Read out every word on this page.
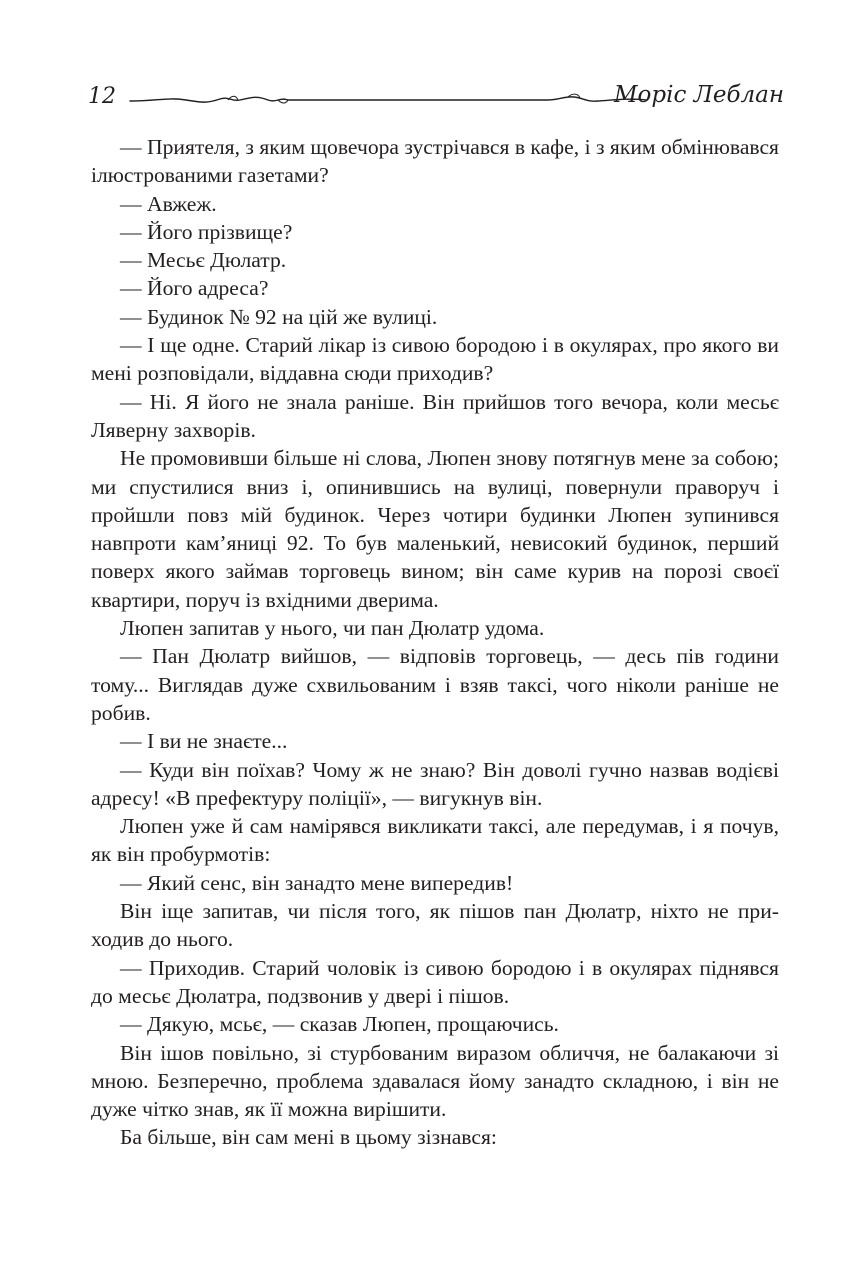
12	Моріс Леблан

— Приятеля, з яким щовечора зустрічався в кафе, і з яким обмінювався ілюстрованими газетами?

— Авжеж.

— Його прізвище?

— Месьє Дюлатр.

— Його адреса?

— Будинок № 92 на цій же вулиці.

— І ще одне. Старий лікар із сивою бородою і в окулярах, про якого ви мені розповідали, віддавна сюди приходив?

— Ні. Я його не знала раніше. Він прийшов того вечора, коли месьє Ляверну захворів.

Не промовивши більше ні слова, Люпен знову потягнув мене за собою; ми спустилися вниз і, опинившись на вулиці, повернули праворуч і пройшли повз мій будинок. Через чотири будинки Люпен зупинився навпроти кам’яниці 92. То був маленький, невисокий будинок, перший поверх якого займав торговець вином; він саме курив на порозі своєї квартири, поруч із вхідними дверима.

Люпен запитав у нього, чи пан Дюлатр удома.

— Пан Дюлатр вийшов, — відповів торговець, — десь пів години тому... Виглядав дуже схвильованим і взяв таксі, чого ніколи раніше не робив.

— І ви не знаєте...

— Куди він поїхав? Чому ж не знаю? Він доволі гучно назвав водієві адресу! «В префектуру поліції», — вигукнув він.

Люпен уже й сам намірявся викликати таксі, але передумав, і я почув, як він пробурмотів:

— Який сенс, він занадто мене випередив!

Він іще запитав, чи після того, як пішов пан Дюлатр, ніхто не приходив до нього.

— Приходив. Старий чоловік із сивою бородою і в окулярах піднявся до месьє Дюлатра, подзвонив у двері і пішов.

— Дякую, мсьє, — сказав Люпен, прощаючись.

Він ішов повільно, зі стурбованим виразом обличчя, не балакаючи зі мною. Безперечно, проблема здавалася йому занадто складною, і він не дуже чітко знав, як її можна вирішити.

Ба більше, він сам мені в цьому зізнався:
